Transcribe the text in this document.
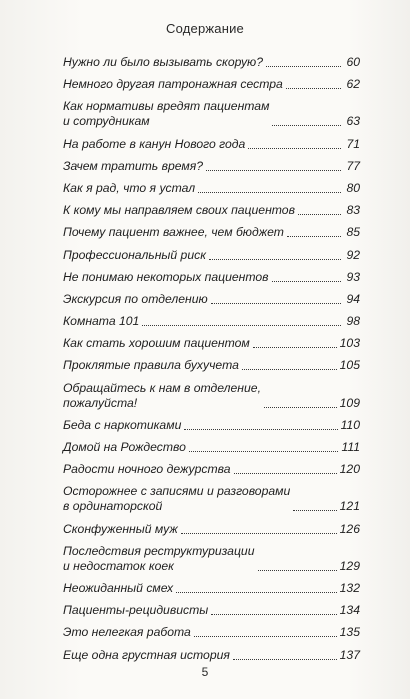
Содержание
Нужно ли было вызывать скорую?	60
Немного другая патронажная сестра	62
Как нормативы вредят пациентам
и сотрудникам	63
На работе в канун Нового года	71
Зачем тратить время?	77
Как я рад, что я устал	80
К кому мы направляем своих пациентов	83
Почему пациент важнее, чем бюджет	85
Профессиональный риск	92
Не понимаю некоторых пациентов	93
Экскурсия по отделению	94
Комната 101	98
Как стать хорошим пациентом	103
Проклятые правила бухучета	105
Обращайтесь к нам в отделение,
пожалуйста!	109
Беда с наркотиками	110
Домой на Рождество	111
Радости ночного дежурства	120
Осторожнее с записями и разговорами
в ординаторской	121
Сконфуженный муж	126
Последствия реструктуризации
и недостаток коек	129
Неожиданный смех	132
Пациенты-рецидивисты	134
Это нелегкая работа	135
Еще одна грустная история	137
5
